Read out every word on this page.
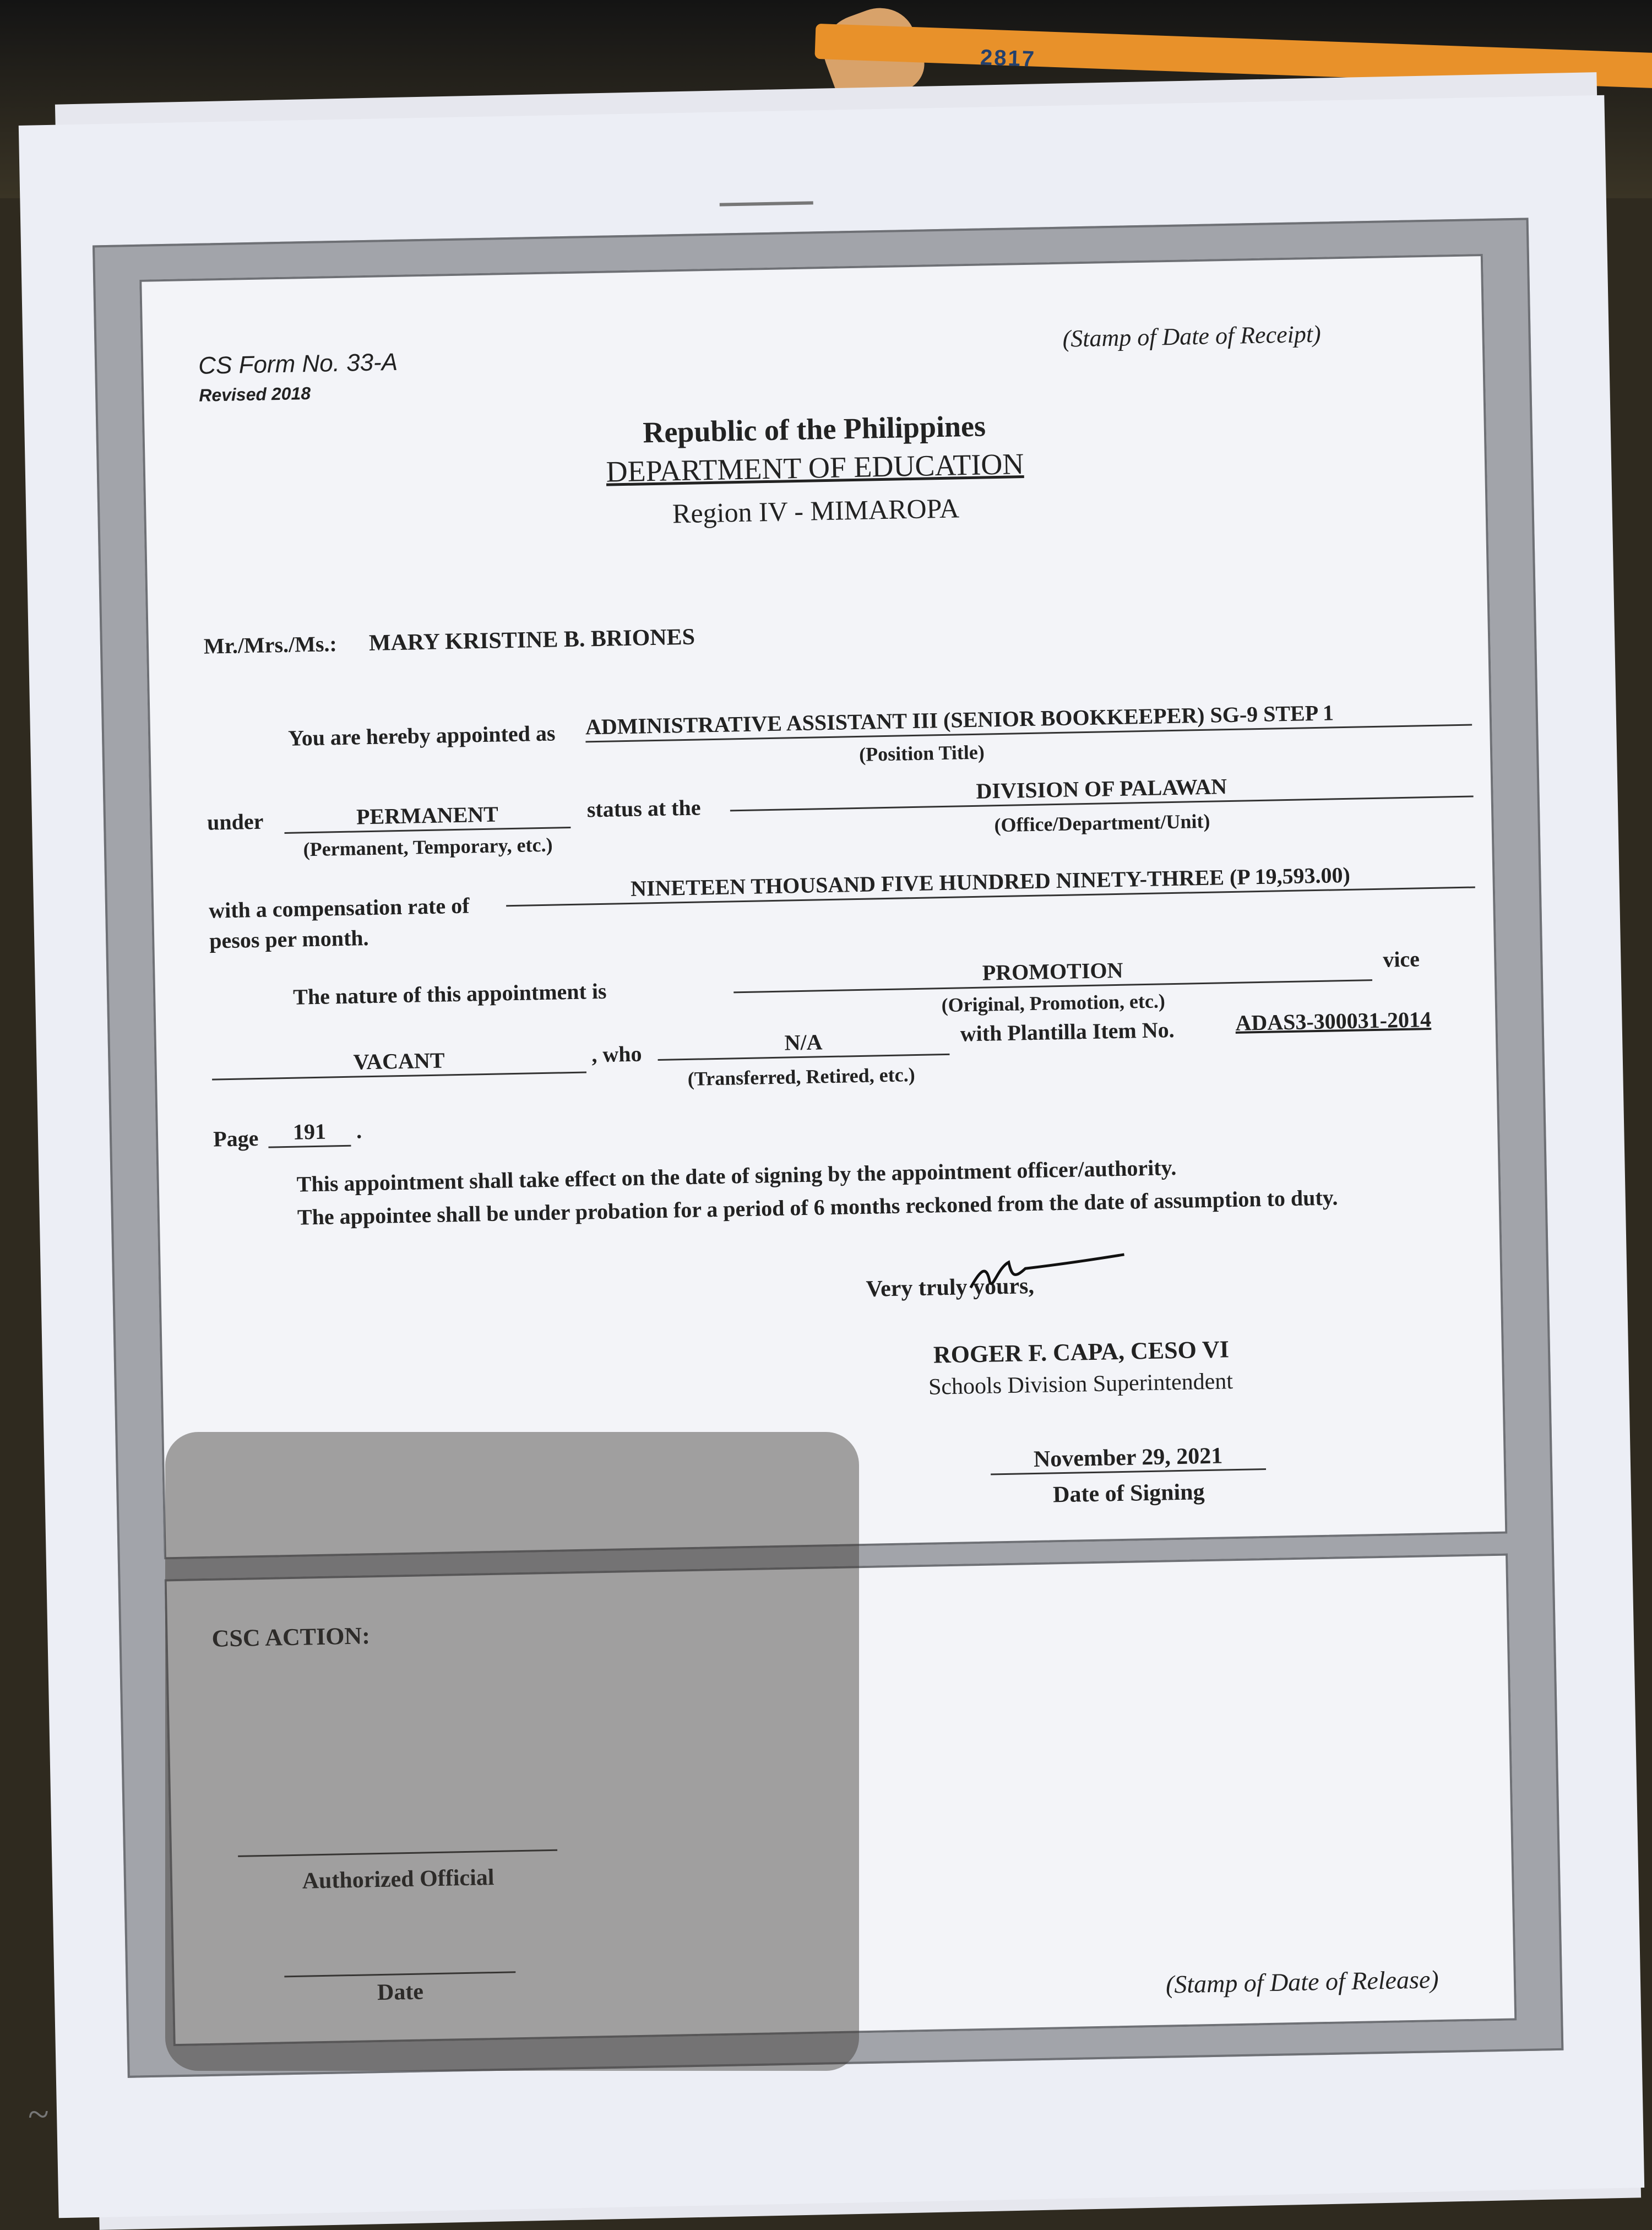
2817
CS Form No. 33-A
Revised 2018
(Stamp of Date of Receipt)
Republic of the Philippines
DEPARTMENT OF EDUCATION
Region IV - MIMAROPA
Mr./Mrs./Ms.: MARY KRISTINE B. BRIONES
You are hereby appointed as ADMINISTRATIVE ASSISTANT III (SENIOR BOOKKEEPER) SG-9 STEP 1
(Position Title)
under	PERMANENT
(Permanent, Temporary, etc.)
status at the
DIVISION OF PALAWAN
(Office/Department/Unit)
with a compensation rate of
NINETEEN THOUSAND FIVE HUNDRED NINETY-THREE (P 19,593.00)
pesos per month.
The nature of this appointment is
PROMOTION
(Original, Promotion, etc.)
vice
VACANT	, who	N/A
(Transferred, Retired, etc.)
with Plantilla Item No.	ADAS3-300031-2014
Page	191	.
This appointment shall take effect on the date of signing by the appointment officer/authority.
The appointee shall be under probation for a period of 6 months reckoned from the date of assumption to duty.
Very truly yours,
ROGER F. CAPA, CESO VI
Schools Division Superintendent
November 29, 2021
Date of Signing
CSC ACTION:
Authorized Official
Date	(Stamp of Date of Release)
~
